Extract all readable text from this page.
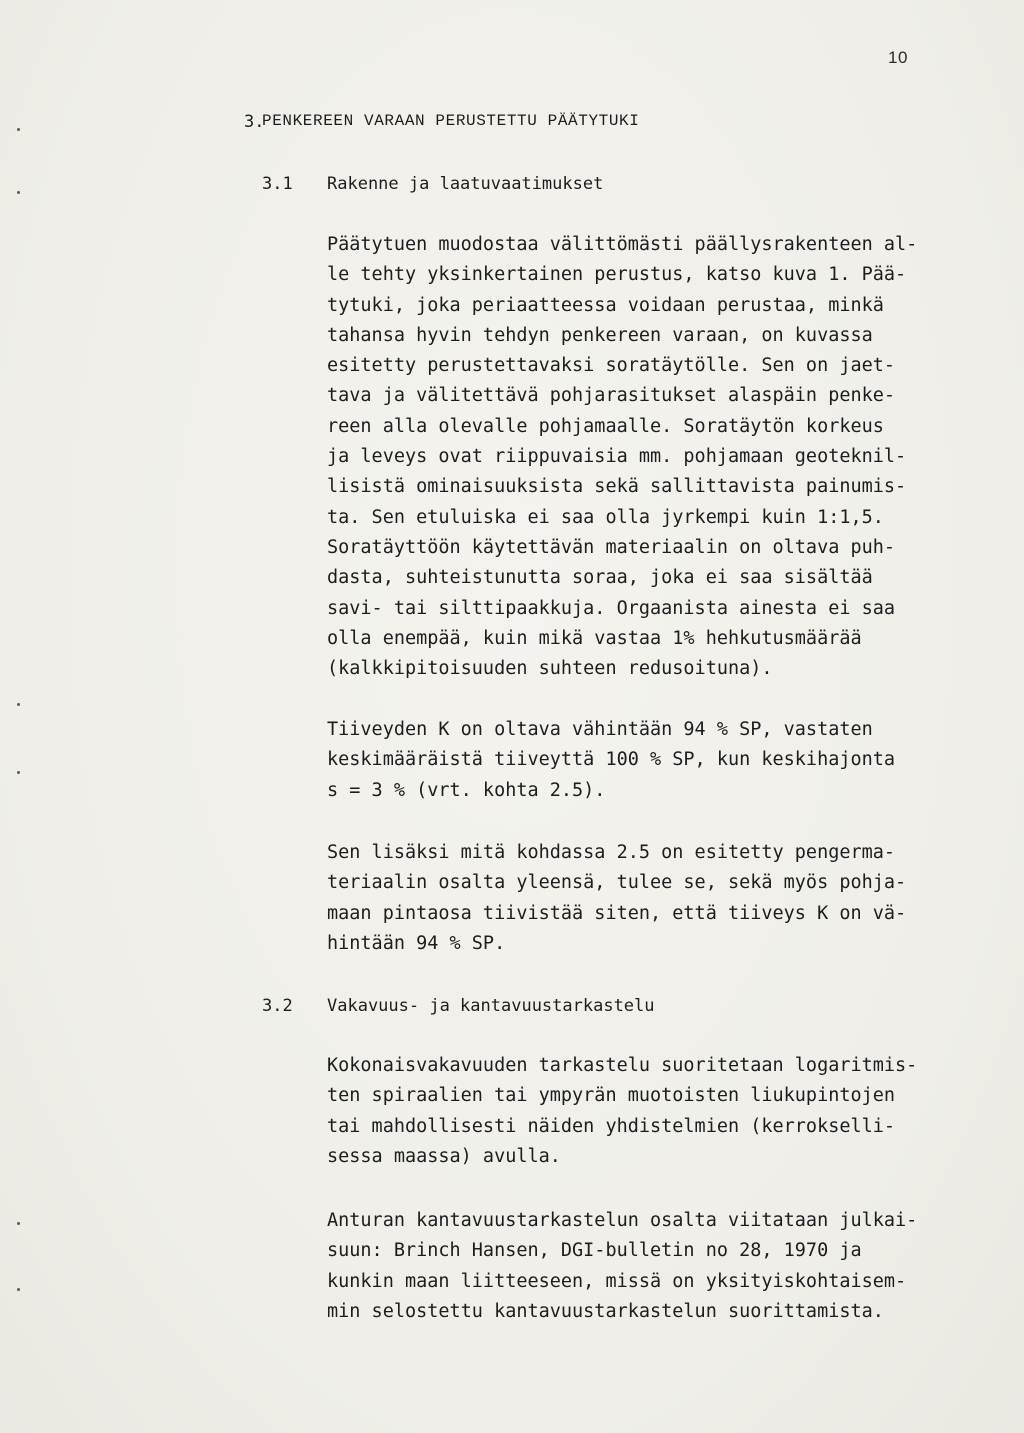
10
3.
PENKEREEN VARAAN PERUSTETTU PÄÄTYTUKI
3.1 Rakenne ja laatuvaatimukset

Päätytuen muodostaa välittömästi päällysrakenteen al-
le tehty yksinkertainen perustus, katso kuva 1. Pää-
tytuki, joka periaatteessa voidaan perustaa, minkä
tahansa hyvin tehdyn penkereen varaan, on kuvassa
esitetty perustettavaksi soratäytölle. Sen on jaet-
tava ja välitettävä pohjarasitukset alaspäin penke-
reen alla olevalle pohjamaalle. Soratäytön korkeus
ja leveys ovat riippuvaisia mm. pohjamaan geoteknil-
lisistä ominaisuuksista sekä sallittavista painumis-
ta. Sen etuluiska ei saa olla jyrkempi kuin 1:1,5.
Soratäyttöön käytettävän materiaalin on oltava puh-
dasta, suhteistunutta soraa, joka ei saa sisältää
savi- tai silttipaakkuja. Orgaanista ainesta ei saa
olla enempää, kuin mikä vastaa 1% hehkutusmäärää
(kalkkipitoisuuden suhteen redusoituna).

Tiiveyden K on oltava vähintään 94 % SP, vastaten
keskimääräistä tiiveyttä 100 % SP, kun keskihajonta
s = 3 % (vrt. kohta 2.5).

Sen lisäksi mitä kohdassa 2.5 on esitetty pengerma-
teriaalin osalta yleensä, tulee se, sekä myös pohja-
maan pintaosa tiivistää siten, että tiiveys K on vä-
hintään 94 % SP.

3.2 Vakavuus- ja kantavuustarkastelu

Kokonaisvakavuuden tarkastelu suoritetaan logaritmis-
ten spiraalien tai ympyrän muotoisten liukupintojen
tai mahdollisesti näiden yhdistelmien (kerrokselli-
sessa maassa) avulla.

Anturan kantavuustarkastelun osalta viitataan julkai-
suun: Brinch Hansen, DGI-bulletin no 28, 1970 ja
kunkin maan liitteeseen, missä on yksityiskohtaisem-
min selostettu kantavuustarkastelun suorittamista.
